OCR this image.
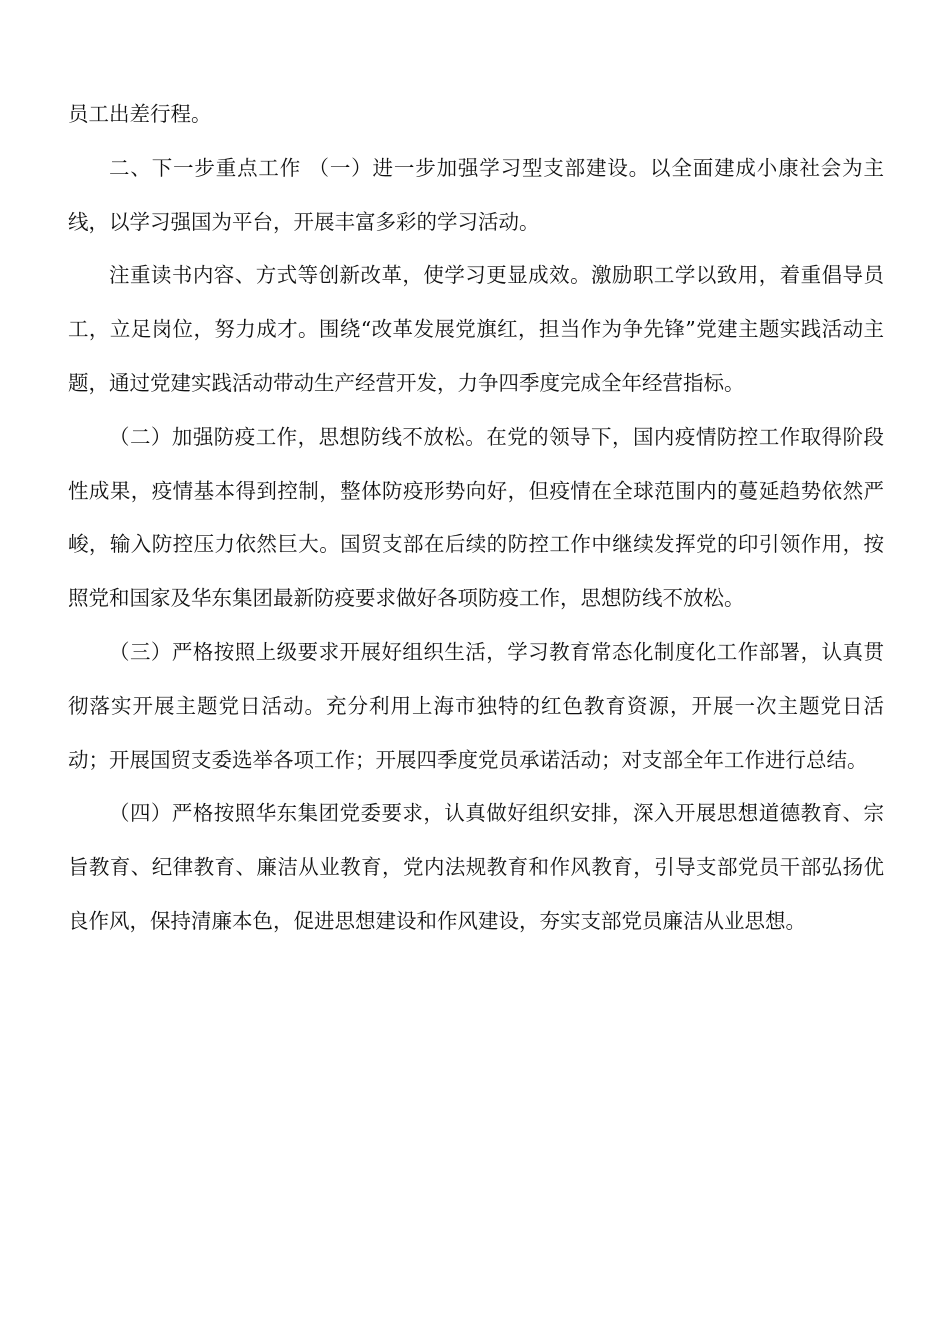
员工出差行程。

二、下一步重点工作 （一）进一步加强学习型支部建设。以全面建成小康社会为主线，以学习强国为平台，开展丰富多彩的学习活动。

注重读书内容、方式等创新改革，使学习更显成效。激励职工学以致用，着重倡导员工，立足岗位，努力成才。围绕“改革发展党旗红，担当作为争先锋”党建主题实践活动主题，通过党建实践活动带动生产经营开发，力争四季度完成全年经营指标。

（二）加强防疫工作，思想防线不放松。在党的领导下，国内疫情防控工作取得阶段性成果，疫情基本得到控制，整体防疫形势向好，但疫情在全球范围内的蔓延趋势依然严峻，输入防控压力依然巨大。国贸支部在后续的防控工作中继续发挥党的印引领作用，按照党和国家及华东集团最新防疫要求做好各项防疫工作，思想防线不放松。

（三）严格按照上级要求开展好组织生活，学习教育常态化制度化工作部署，认真贯彻落实开展主题党日活动。充分利用上海市独特的红色教育资源，开展一次主题党日活动；开展国贸支委选举各项工作；开展四季度党员承诺活动；对支部全年工作进行总结。

（四）严格按照华东集团党委要求，认真做好组织安排，深入开展思想道德教育、宗旨教育、纪律教育、廉洁从业教育，党内法规教育和作风教育，引导支部党员干部弘扬优良作风，保持清廉本色，促进思想建设和作风建设，夯实支部党员廉洁从业思想。
